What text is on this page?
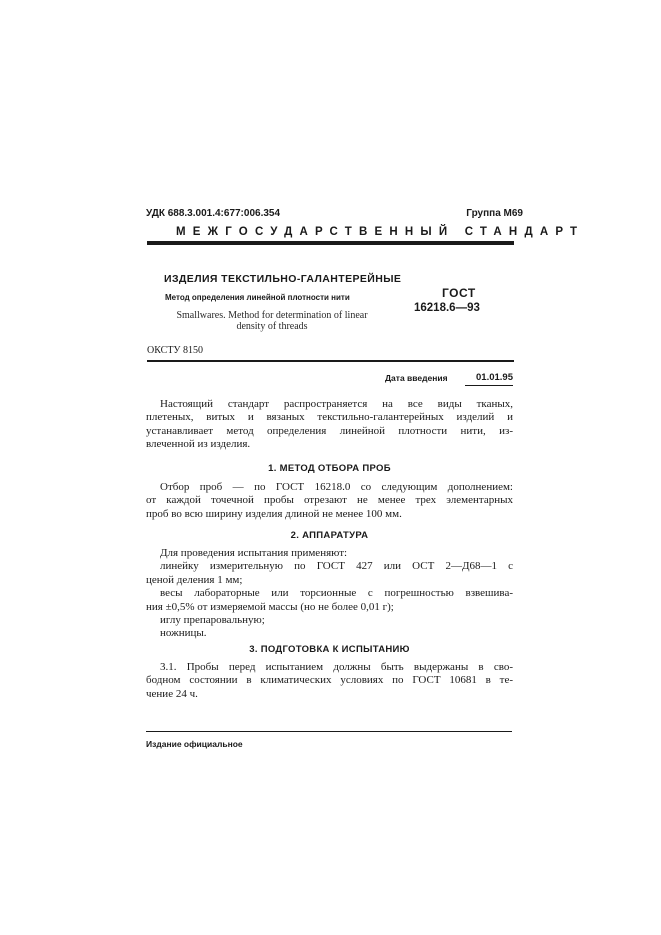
УДК 688.3.001.4:677:006.354	Группа М69
МЕЖГОСУДАРСТВЕННЫЙ СТАНДАРТ
ИЗДЕЛИЯ ТЕКСТИЛЬНО-ГАЛАНТЕРЕЙНЫЕ
Метод определения линейной плотности нити
Smallwares. Method for determination of linear
density of threads
ГОСТ
16218.6—93
ОКСТУ 8150
Дата введения	01.01.95
Настоящий стандарт распространяется на все виды тканых,
плетеных, витых и вязаных текстильно-галантерейных изделий и
устанавливает метод определения линейной плотности нити, из-
влеченной из изделия.
1. МЕТОД ОТБОРА ПРОБ
Отбор проб — по ГОСТ 16218.0 со следующим дополнением:
от каждой точечной пробы отрезают не менее трех элементарных
проб во всю ширину изделия длиной не менее 100 мм.
2. АППАРАТУРА
Для проведения испытания применяют:
линейку измерительную по ГОСТ 427 или ОСТ 2—Д68—1 с
ценой деления 1 мм;
весы лабораторные или торсионные с погрешностью взвешива-
ния ±0,5% от измеряемой массы (но не более 0,01 г);
иглу препаровальную;
ножницы.
3. ПОДГОТОВКА К ИСПЫТАНИЮ
3.1. Пробы перед испытанием должны быть выдержаны в сво-
бодном состоянии в климатических условиях по ГОСТ 10681 в те-
чение 24 ч.
Издание официальное
